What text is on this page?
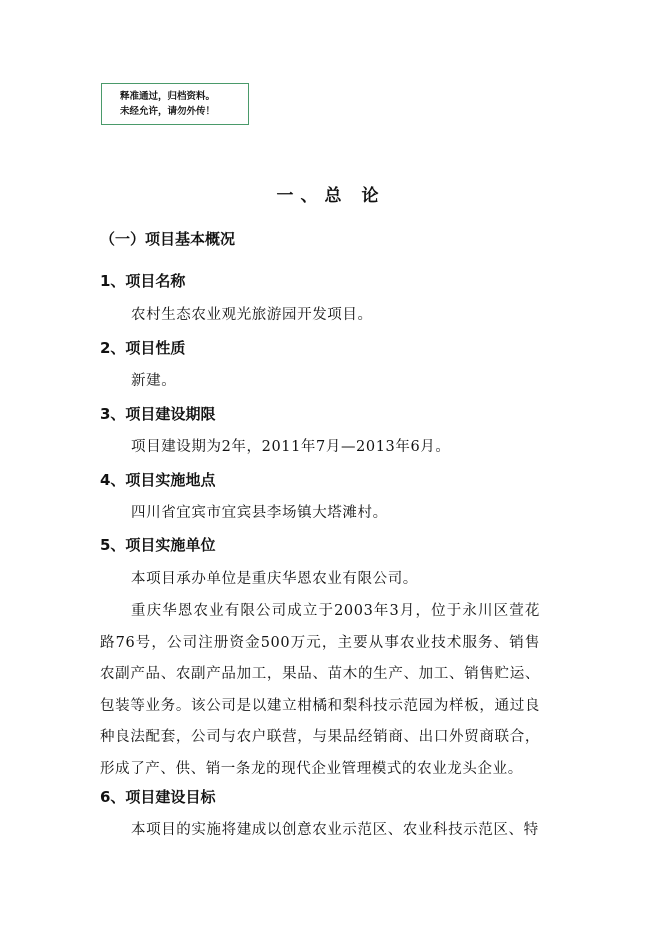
释准通过，归档资料。
未经允许，请勿外传！
一、总 论
（一）项目基本概况
1、项目名称
农村生态农业观光旅游园开发项目。
2、项目性质
新建。
3、项目建设期限
项目建设期为2年，2011年7月—2013年6月。
4、项目实施地点
四川省宜宾市宜宾县李场镇大塔滩村。
5、项目实施单位
本项目承办单位是重庆华恩农业有限公司。
重庆华恩农业有限公司成立于2003年3月，位于永川区萱花路76号，公司注册资金500万元，主要从事农业技术服务、销售农副产品、农副产品加工，果品、苗木的生产、加工、销售贮运、包装等业务。该公司是以建立柑橘和梨科技示范园为样板，通过良种良法配套，公司与农户联营，与果品经销商、出口外贸商联合，形成了产、供、销一条龙的现代企业管理模式的农业龙头企业。
6、项目建设目标
本项目的实施将建成以创意农业示范区、农业科技示范区、特
